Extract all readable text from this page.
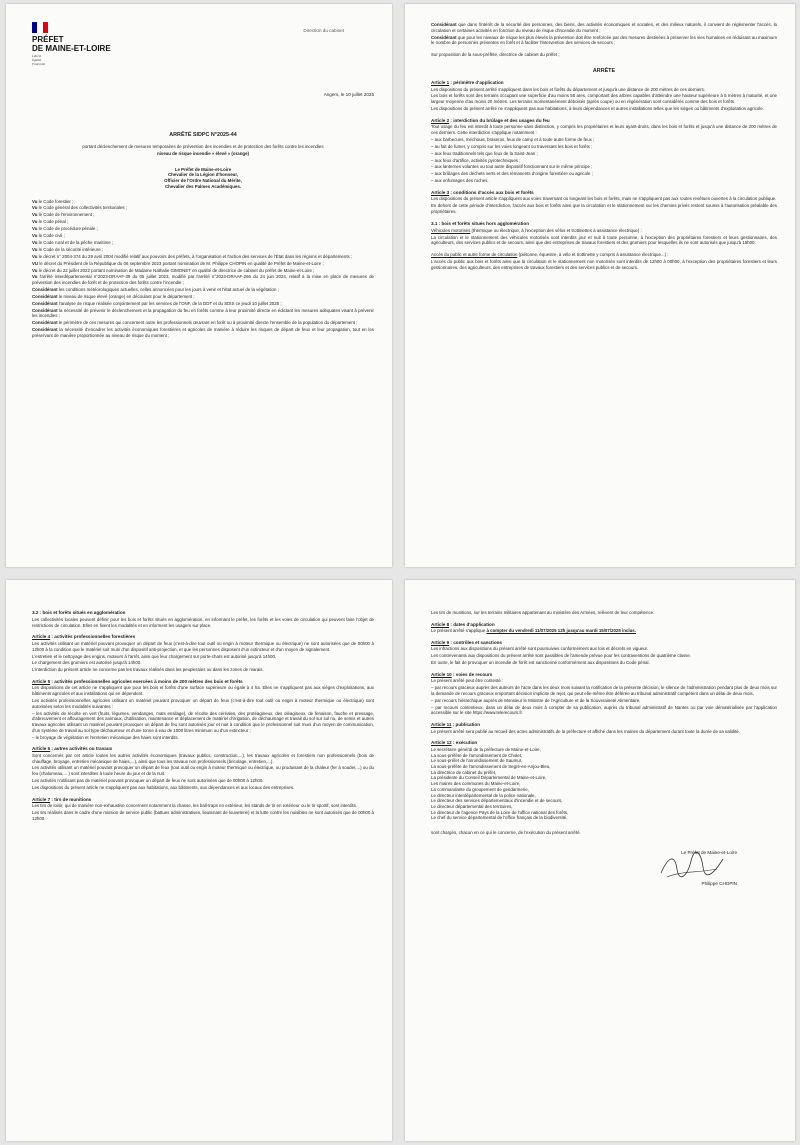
PRÉFET
DE MAINE-ET-LOIRE
Liberté
Égalité
Fraternité
Angers, le 10 juillet 2025
Direction du cabinet
ARRÊTÉ SIDPC N°2025-44

portant déclenchement de mesures temporaires de prévention des incendies et de protection des forêts contre les incendies

niveau de risque incendie « élevé » (orange)

Le Préfet de Maine-et-Loire

Chevalier de la Légion d'honneur,

Officier de l'Ordre National du Mérite,

Chevalier des Palmes Académiques.

Vu le Code forestier ;

Vu le Code général des collectivités territoriales ;

Vu le Code de l'environnement ;

Vu le Code pénal ;

Vu le Code de procédure pénale ;

Vu le Code civil ;

Vu le Code rural et de la pêche maritime ;

Vu le Code de la sécurité intérieure ;

Vu le décret n° 2004-374 du 29 avril 2004 modifié relatif aux pouvoirs des préfets, à l'organisation et l'action des services de l'État dans les régions et départements ;

VU le décret du Président de la République du 06 septembre 2023 portant nomination de M. Philippe CHOPIN en qualité de Préfet de Maine-et-Loire ;

Vu le décret du 22 juillet 2022 portant nomination de Madame Nathalie GIMONET en qualité de directrice de cabinet du préfet de Maine-et-Loire ;

Vu l'arrêté interdépartemental n°2023-DRAAF-39 du 05 juillet 2023, modifié par l'arrêté n°2024-DRAAF-266 du 24 juin 2024, relatif à la mise en place de mesures de prévention des incendies de forêt et de protection des forêts contre l'incendie ;

Considérant les conditions météorologiques actuelles, celles annoncées pour les jours à venir et l'état actuel de la végétation ;

Considérant le niveau de risque élevé (orange) en découlant pour le département ;

Considérant l'analyse de risque réalisée conjointement par les services de l'ONF, de la DDT et du SDIS ce jeudi 10 juillet 2025 ;

Considérant la nécessité de prévenir le déclenchement et la propagation du feu en forêts comme à leur proximité directe en édictant les mesures adéquates visant à prévenir les incendies ;

Considérant le périmètre de ces mesures qui concernent outre les professionnels œuvrant en forêt ou à proximité directe l'ensemble de la population du département ;

Considérant la nécessité d'encadrer les activités économiques forestières et agricoles de manière à réduire les risques de départ de feux et leur propagation, tout en les préservant de manière proportionnée au niveau de risque du moment ;

Considérant que dans l'intérêt de la sécurité des personnes, des biens, des activités économiques et sociales, et des milieux naturels, il convient de réglementer l'accès, la circulation et certaines activités en fonction du niveau de risque d'incendie du moment ;

Considérant que pour les niveaux de risque les plus élevés la prévention doit être renforcée par des mesures destinées à préserver les vies humaines en réduisant au maximum le nombre de personnes présentes en forêt et à faciliter l'intervention des services de secours ;

Sur proposition de la sous-préfète, directrice de cabinet du préfet ;

ARRÊTE
Article 1 : périmètre d'application

Les dispositions du présent arrêté s'appliquent dans les bois et forêts du département et jusqu'à une distance de 200 mètres de ces derniers.

Les bois et forêts sont des terrains occupant une superficie d'au moins 50 ares, comportant des arbres capables d'atteindre une hauteur supérieure à 5 mètres à maturité, et une largeur moyenne d'au moins 20 mètres. Les terrains momentanément déboisés (après coupe) ou en régénération sont considérés comme des bois et forêts.

Les dispositions du présent arrêté ne s'appliquent pas aux habitations, à leurs dépendances et autres installations telles que les sièges ou bâtiments d'exploitation agricole.

Article 2 : interdiction du brûlage et des usages du feu

Tout usage du feu est interdit à toute personne sans distinction, y compris les propriétaires et leurs ayant-droits, dans les bois et forêts et jusqu'à une distance de 200 mètres de ces derniers. Cette interdiction s'applique notamment :

– aux barbecues, méchouis, braseros, feux de camp et à toute autre forme de feux ;

– au fait de fumer, y compris sur les voies longeant ou traversant les bois et forêts ;

– aux feux traditionnels tels que feux de la Saint-Jean ;

– aux feux d'artifice, activités pyrotechniques ;

– aux lanternes volantes ou tout autre dispositif fonctionnant sur le même principe ;

– aux brûlages des déchets verts et des rémanents d'origine forestière ou agricole ;

– aux enfumages des ruches.

Article 3 : conditions d'accès aux bois et forêts

Les dispositions du présent article s'appliquent aux voies traversant ou longeant les bois et forêts, mais ne s'appliquent pas aux routes revêtues ouvertes à la circulation publique.

En dehors de cette période d'interdiction, l'accès aux bois et forêts ainsi que la circulation et le stationnement sur les chemins privés restent soumis à l'autorisation préalable des propriétaires.

3.1 : bois et forêts situés hors agglomération

Véhicules motorisés (thermique ou électrique, à l'exception des vélos et trottinettes à assistance électrique) :

La circulation et le stationnement des véhicules motorisés sont interdits jour et nuit à toute personne, à l'exception des propriétaires forestiers et leurs gestionnaires, des agriculteurs, des services publics et de secours, ainsi que des entreprises de travaux forestiers et des grumiers pour lesquelles ils ne sont autorisés que jusqu'à 15h00.

Accès du public et autre forme de circulation (piétonne, équestre, à vélo et trottinette y compris à assistance électrique...) :

L'accès du public aux bois et forêts ainsi que la circulation et le stationnement non motorisés sont interdits de 12h00 à 00h00, à l'exception des propriétaires forestiers et leurs gestionnaires, des agriculteurs, des entreprises de travaux forestiers et des services publics et de secours.

3.2 : bois et forêts situés en agglomération

Les collectivités locales peuvent définir pour les bois et forêts situés en agglomération, en informant le préfet, les forêts et les voies de circulation qui peuvent faire l'objet de restrictions de circulation. Elles en fixent les modalités et en informent les usagers sur place.

Article 4 : activités professionnelles forestières

Les activités utilisant un matériel pouvant provoquer un départ de feux (c'est-à-dire tout outil ou engin à moteur thermique ou électrique) ne sont autorisées que de 00h00 à 12h00 à la condition que le matériel soit muni d'un dispositif anti-projection, et que les personnes disposent d'un extincteur et d'un moyen de signalement.

L'entretien et le nettoyage des engins, moteurs à l'arrêt, ainsi que leur chargement sur porte-chars est autorisé jusqu'à 14h00.

Le chargement des grumiers est autorisé jusqu'à 14h00.

L'interdiction du présent article ne concerne pas les travaux réalisés dans les peupleraies ou dans les zones de marais.

Article 5 : activités professionnelles agricoles exercées à moins de 200 mètres des bois et forêts

Les dispositions de cet article ne s'appliquent que pour les bois et forêts d'une surface supérieure ou égale à 4 ha. Elles ne s'appliquent pas aux sièges d'exploitations, aux bâtiments agricoles et aux installations qui en dépendent.

Les activités professionnelles agricoles utilisant un matériel pouvant provoquer un départ de feux (c'est-à-dire tout outil ou engin à moteur thermique ou électrique) sont autorisées selon les modalités suivantes :

– les activités de récolte en vert (fruits, légumes, vendanges, maïs ensilage), de récolte des céréales, des protéagineux, des oléagineux, de fenaison, fauche et pressage, d'abreuvement et affouragement des animaux, d'utilisation, maintenance et déplacement de matériel d'irrigation, de déchaumage et travail du sol sur sol nu, de semis et autres travaux agricoles utilisant un matériel pouvant provoquer un départ de feu sont autorisés jour et nuit à condition que le professionnel soit muni d'un moyen de communication, d'un système de travail au sol type déchaumeur et d'une tonne à eau de 1000 litres minimum ou d'un extincteur ;

– le broyage de végétation et l'entretien mécanique des haies sont interdits.

Article 6 : autres activités ou travaux

Sont concernés par cet article toutes les autres activités économiques (travaux publics, construction,...), les travaux agricoles et forestiers non professionnels (bois de chauffage, broyage, entretien mécanique de haies,...), ainsi que tous les travaux non professionnels (bricolage, entretien,...).

Les activités utilisant un matériel pouvant provoquer un départ de feux (tout outil ou engin à moteur thermique ou électrique, ou produisant de la chaleur (fer à souder,...) ou du feu (chalumeau,... ) sont interdites à toute heure du jour et de la nuit.

Les activités n'utilisant pas de matériel pouvant provoquer un départ de feux ne sont autorisées que de 00h00 à 12h00.

Les dispositions du présent article ne s'appliquent pas aux habitations, aux bâtiments, aux dépendances et aux locaux des entreprises.

Article 7 : tirs de munitions

Les tirs de loisir, qui de manière non-exhaustive concernent notamment la chasse, les ball-traps en extérieur, les stands de tir en extérieur ou le tir sportif, sont interdits.

Les tirs réalisés dans le cadre d'une mission de service public (battues administratives, lieutenant de louveterie) et la lutte contre les nuisibles ne sont autorisés que de 00h00 à 12h00.

Les tirs de munitions, sur les terrains militaires appartenant au ministère des Armées, relèvent de leur compétence.

Article 8 : dates d'application

Le présent arrêté s'applique à compter du vendredi 11/07/2025 12h jusqu'au mardi 15/07/2025 inclus.

Article 9 : contrôles et sanctions

Les infractions aux dispositions du présent arrêté sont poursuivies conformément aux lois et décrets en vigueur.

Les contrevenants aux dispositions du présent arrêté sont passibles de l'amende prévue pour les contraventions de quatrième classe.

En outre, le fait de provoquer un incendie de forêt est sanctionné conformément aux dispositions du Code pénal.

Article 10 : voies de recours

Le présent arrêté peut être contesté :

– par recours gracieux auprès des auteurs de l'acte dans les deux mois suivant la notification de la présente décision, le silence de l'administration pendant plus de deux mois sur la demande de recours gracieux emportant décision implicite de rejet, qui peut elle-même être déférée au tribunal administratif compétent dans un délai de deux mois,

– par recours hiérarchique auprès de Monsieur le Ministre de l'Agriculture et de la Souveraineté Alimentaire,

– par recours contentieux, dans un délai de deux mois à compter de sa publication, auprès du tribunal administratif de Nantes ou par voie dématérialisée par l'application accessible sur le site https://www.telerecours.fr.

Article 11 : publication

Le présent arrêté sera publié au recueil des actes administratifs de la préfecture et affiché dans les mairies du département durant toute la durée de sa validité.

Article 12 : exécution

Le secrétaire général de la préfecture de Maine-et-Loire,

La sous-préfète de l'arrondissement de Cholet,

Le sous-préfet de l'arrondissement de Saumur,

La sous-préfète de l'arrondissement de Segré-en-Anjou-Bleu,

La directrice de cabinet du préfet,

La présidente du Conseil Départemental de Maine-et-Loire,

Les maires des communes du Maine-et-Loire,

La commandante du groupement de gendarmerie,

Le directeur interdépartemental de la police nationale,

Le directeur des services départementaux d'incendie et de secours,

Le directeur départemental des territoires,

Le directeur de l'agence Pays de la Loire de l'office national des forêts,

Le chef du service départemental de l'office français de la biodiversité,

sont chargés, chacun en ce qui le concerne, de l'exécution du présent arrêté.

Le Préfet de Maine-et-Loire
Philippe CHOPIN
